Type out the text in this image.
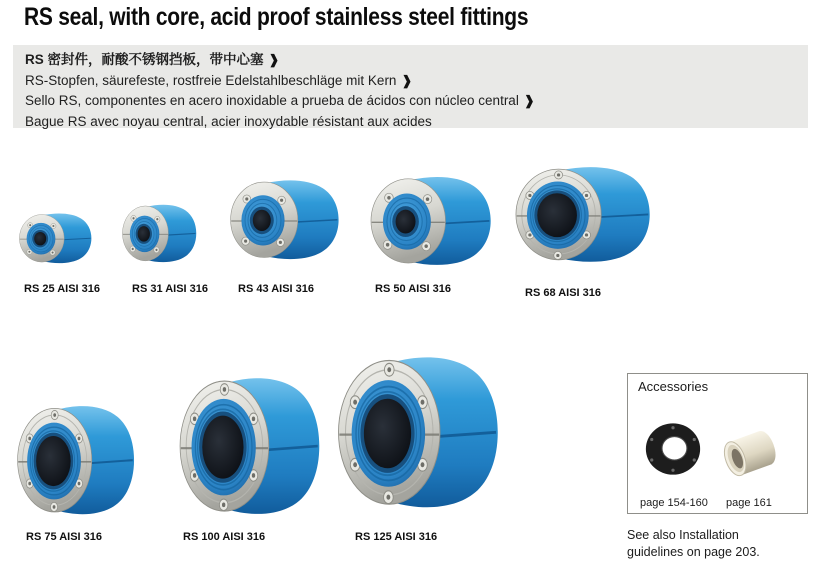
RS seal, with core, acid proof stainless steel fittings
RS 密封件，耐酸不锈钢挡板，带中心塞 ❱
RS-Stopfen, säurefeste, rostfreie Edelstahlbeschläge mit Kern ❱
Sello RS, componentes en acero inoxidable a prueba de ácidos con núcleo central ❱
Bague RS avec noyau central, acier inoxydable résistant aux acides
RS 25 AISI 316	RS 31 AISI 316	RS 43 AISI 316	RS 50 AISI 316	RS 68 AISI 316
RS 75 AISI 316	RS 100 AISI 316	RS 125 AISI 316
Accessories
page 154-160 page 161
See also Installation guidelines on page 203.
